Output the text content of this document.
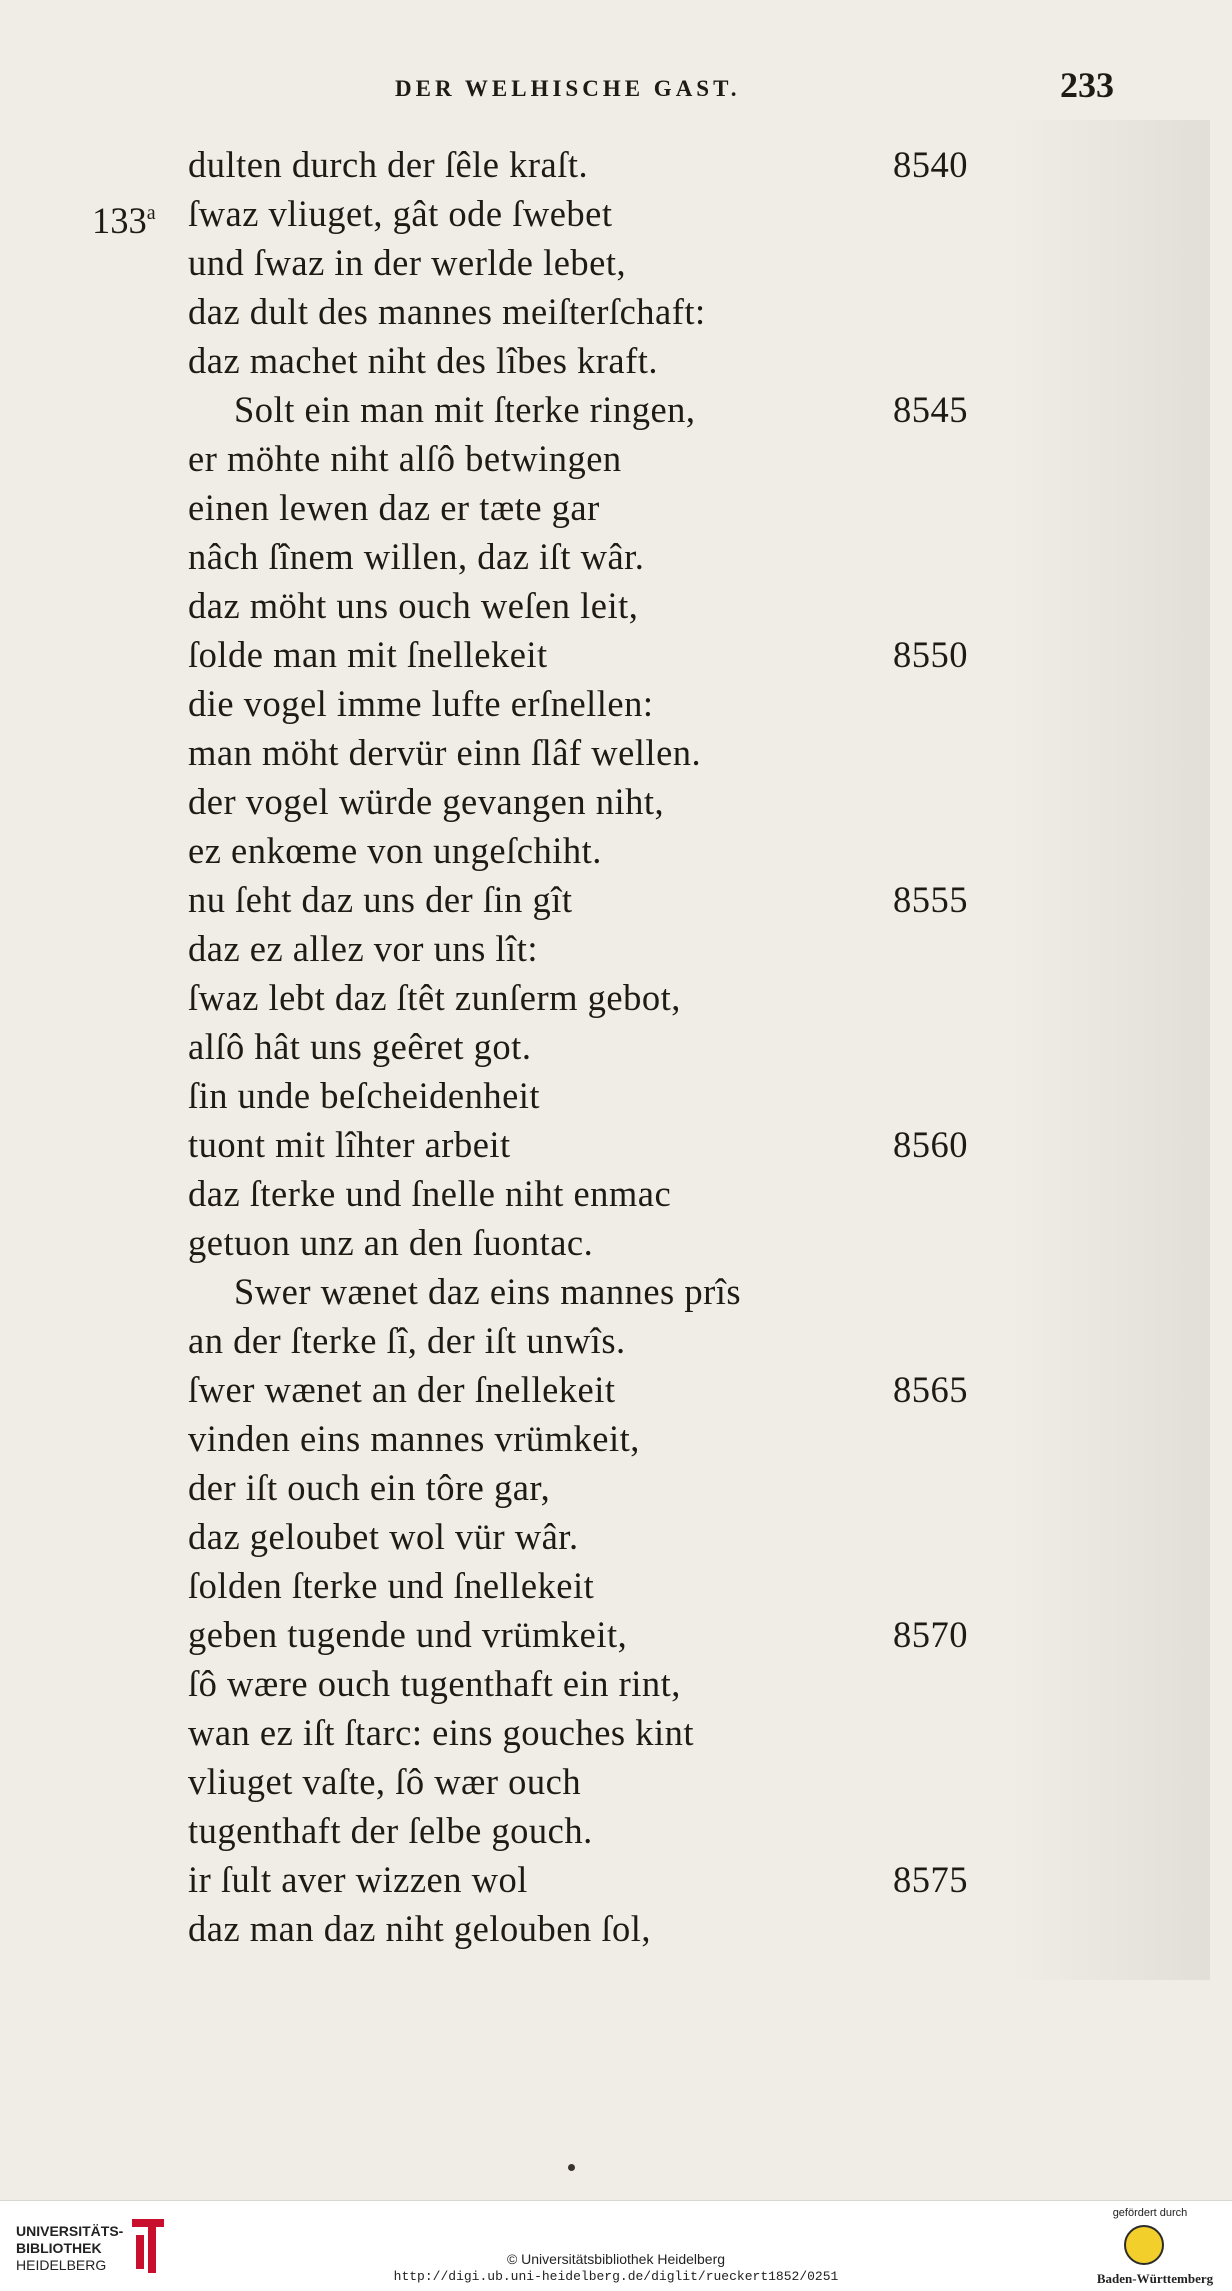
DER WELHISCHE GAST.	233
dulten durch der ſêle kraſt.	8540
133$^a$ ſwaz vliuget, gât ode ſwebet
und ſwaz in der werlde lebet,
daz dult des mannes meiſterſchaft:
daz machet niht des lîbes kraft.
Solt ein man mit ſterke ringen,	8545
er möhte niht alſô betwingen
einen lewen daz er tæte gar
nâch ſînem willen, daz iſt wâr.
daz möht uns ouch weſen leit,
ſolde man mit ſnellekeit	8550
die vogel imme lufte erſnellen:
man möht dervür einn ſlâf wellen.
der vogel würde gevangen niht,
ez enkœme von ungeſchiht.
nu ſeht daz uns der ſin gît	8555
daz ez allez vor uns lît:
ſwaz lebt daz ſtêt zunſerm gebot,
alſô hât uns geêret got.
ſin unde beſcheidenheit
tuont mit lîhter arbeit	8560
daz ſterke und ſnelle niht enmac
getuon unz an den ſuontac.
Swer wænet daz eins mannes prîs
an der ſterke ſî, der iſt unwîs.
ſwer wænet an der ſnellekeit	8565
vinden eins mannes vrümkeit,
der iſt ouch ein tôre gar,
daz geloubet wol vür wâr.
ſolden ſterke und ſnellekeit
geben tugende und vrümkeit,	8570
ſô wære ouch tugenthaft ein rint,
wan ez iſt ſtarc: eins gouches kint
vliuget vaſte, ſô wær ouch
tugenthaft der ſelbe gouch.
ir ſult aver wizzen wol	8575
daz man daz niht gelouben ſol,
UNIVERSITÄTS-
BIBLIOTHEK
HEIDELBERG	© Universitätsbibliothek Heidelberg
http://digi.ub.uni-heidelberg.de/diglit/rueckert1852/0251
gefördert durch
Baden-Württemberg
